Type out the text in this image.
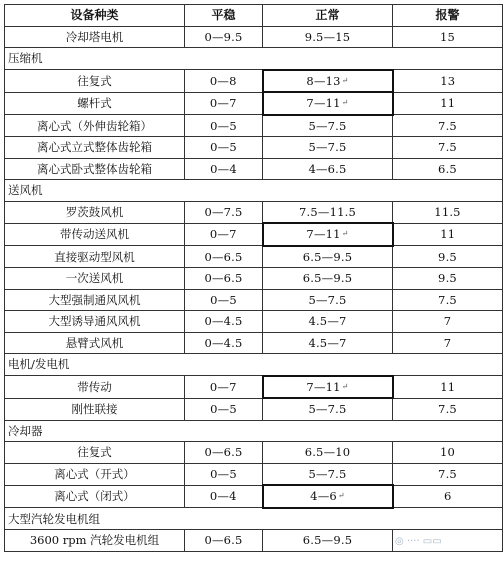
设备种类	平稳	正常	报警
冷却塔电机	0—9.5	9.5—15	15
压缩机			
往复式	0—8	8—13↵	13
螺杆式	0—7	7—11↵	11
离心式（外伸齿轮箱）	0—5	5—7.5	7.5
离心式立式整体齿轮箱	0—5	5—7.5	7.5
离心式卧式整体齿轮箱	0—4	4—6.5	6.5
送风机			
罗茨鼓风机	0—7.5	7.5—11.5	11.5
带传动送风机	0—7	7—11↵	11
直接驱动型风机	0—6.5	6.5—9.5	9.5
一次送风机	0—6.5	6.5—9.5	9.5
大型强制通风风机	0—5	5—7.5	7.5
大型诱导通风风机	0—4.5	4.5—7	7
悬臂式风机	0—4.5	4.5—7	7
电机/发电机			
带传动	0—7	7—11↵	11
刚性联接	0—5	5—7.5	7.5
冷却器			
往复式	0—6.5	6.5—10	10
离心式（开式）	0—5	5—7.5	7.5
离心式（闭式）	0—4	4—6↵	6
大型汽轮发电机组			
3600 rpm 汽轮发电机组	0—6.5	6.5—9.5		◎ ···· ▭▭
